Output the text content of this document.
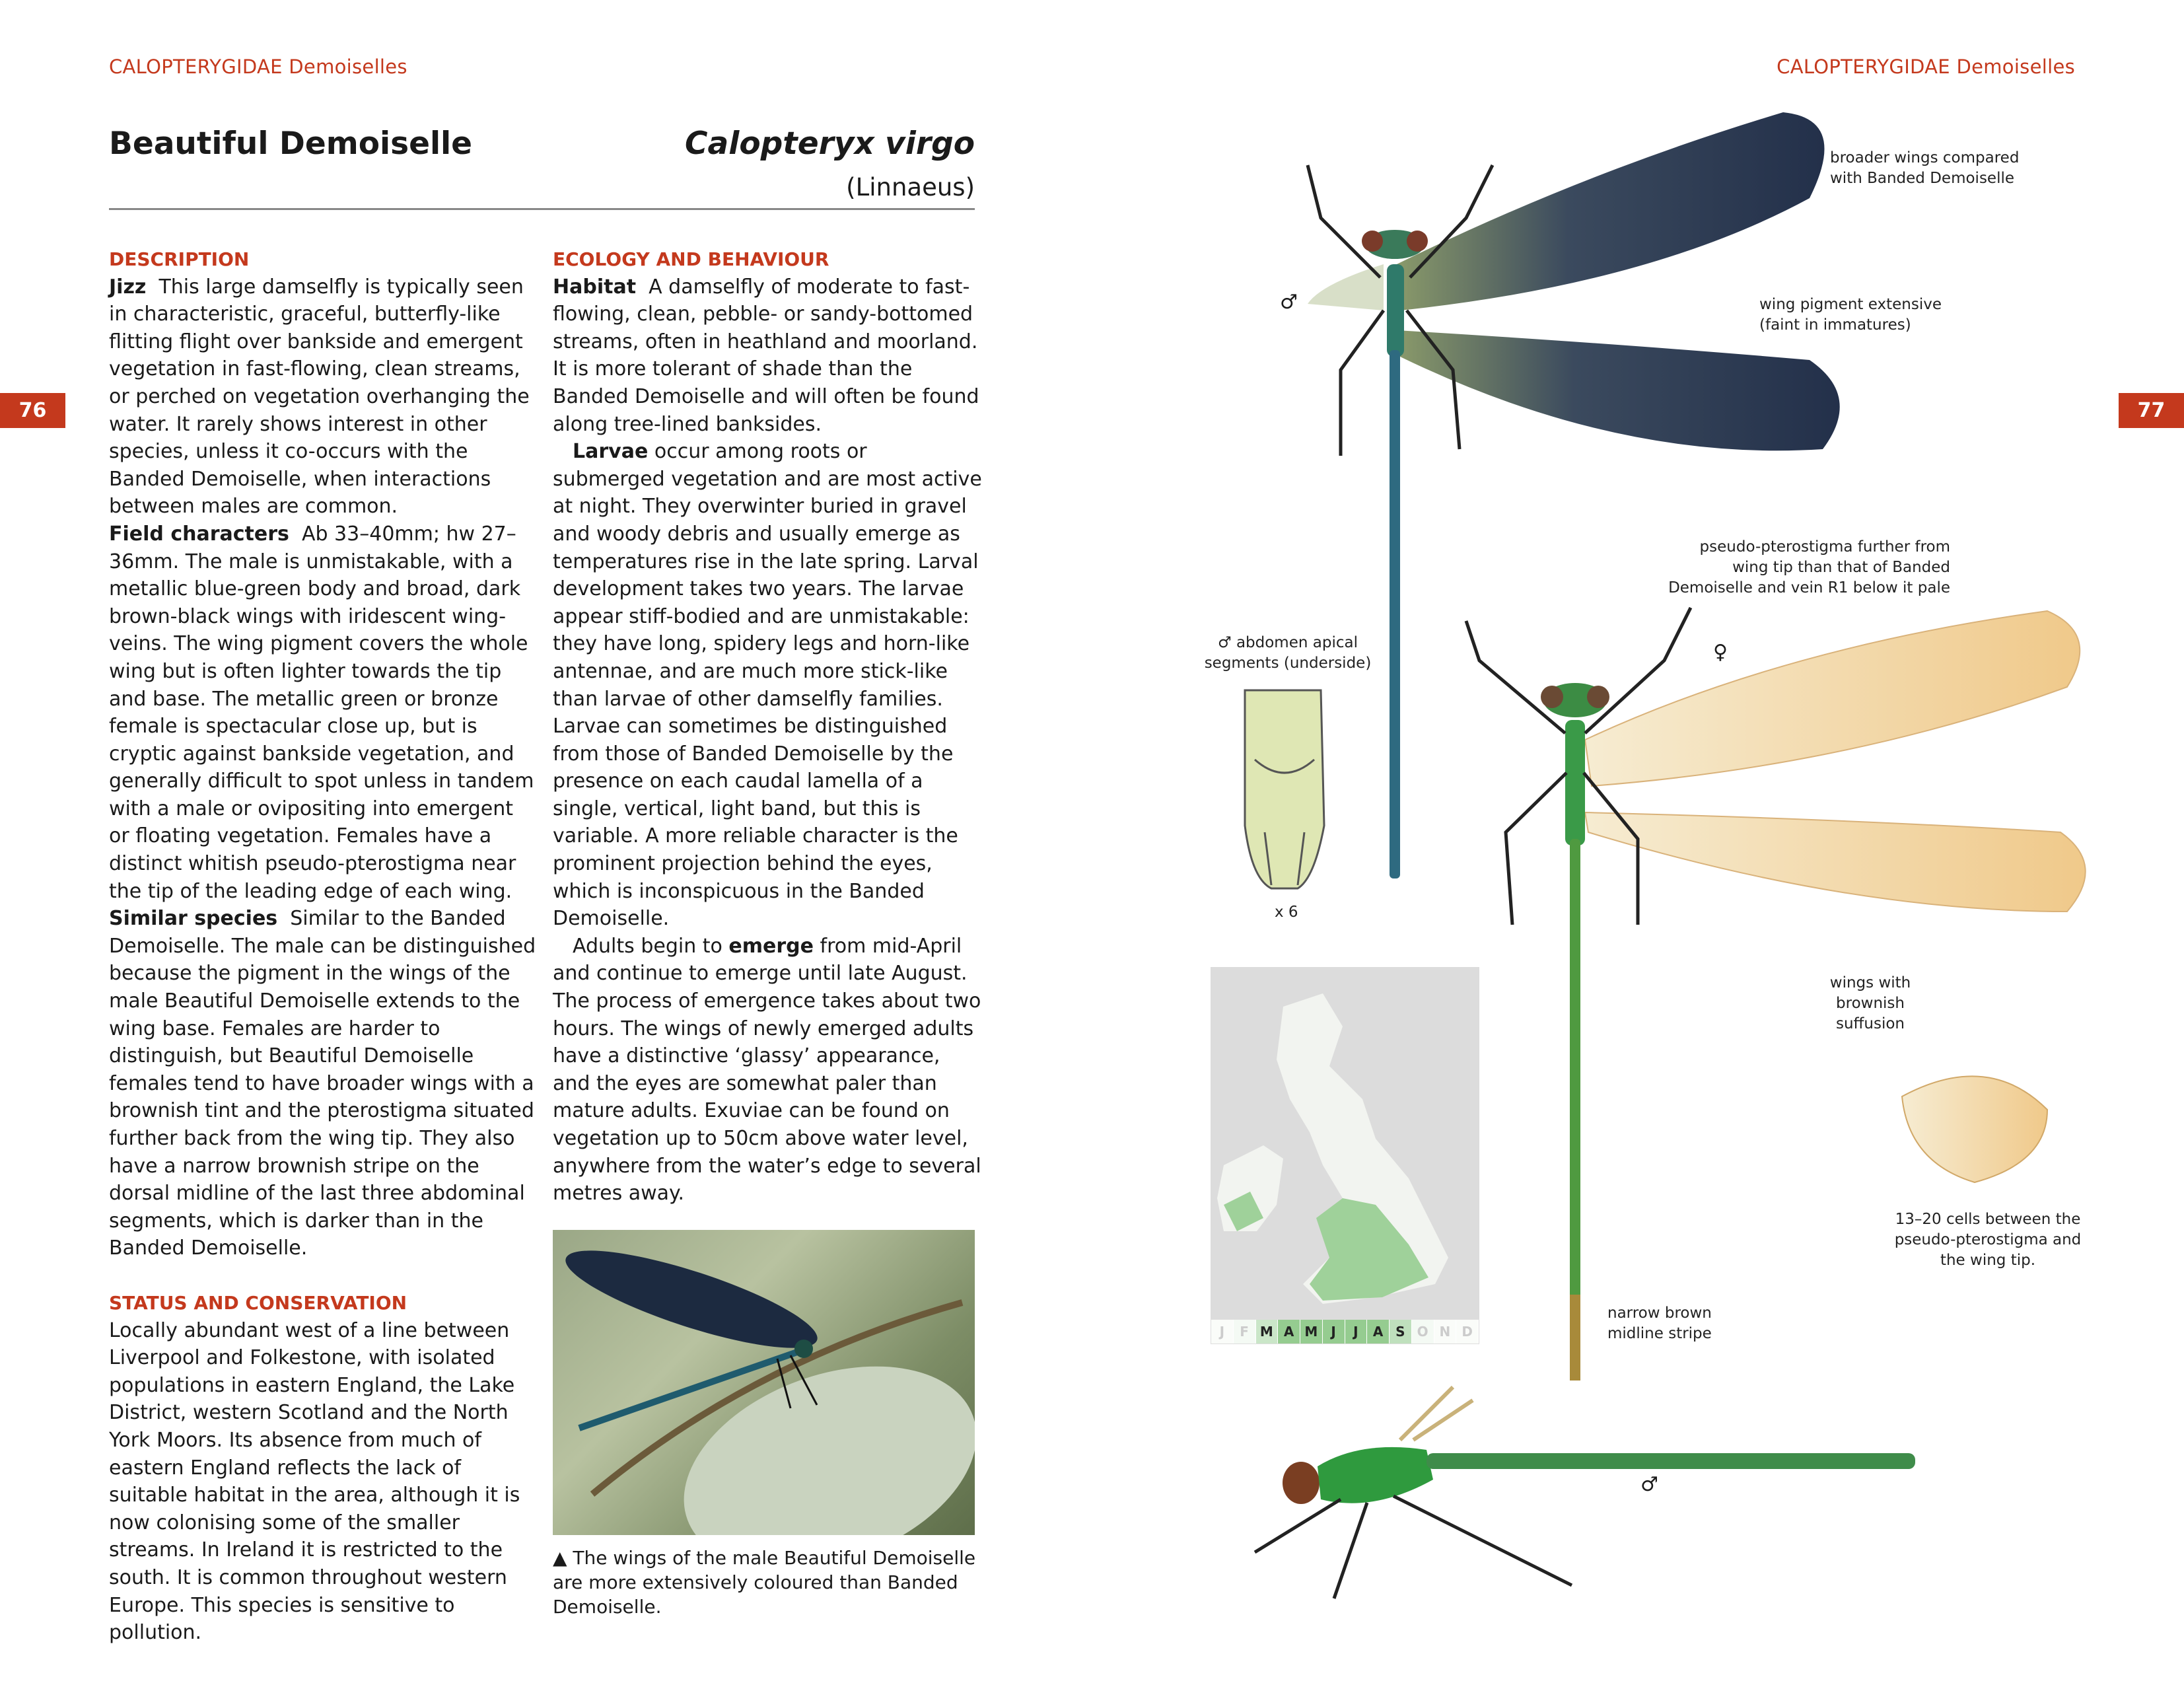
CALOPTERYGIDAE Demoiselles	CALOPTERYGIDAE Demoiselles
76	77
Beautiful Demoiselle	Calopteryx virgo
(Linnaeus)
DESCRIPTION

Jizz This large damselfly is typically seen in characteristic, graceful, butterfly-like flitting flight over bankside and emergent vegetation in fast-flowing, clean streams, or perched on vegetation overhanging the water. It rarely shows interest in other species, unless it co-occurs with the Banded Demoiselle, when interactions between males are common.

Field characters Ab 33–40mm; hw 27–36mm. The male is unmistakable, with a metallic blue-green body and broad, dark brown-black wings with iridescent wing-veins. The wing pigment covers the whole wing but is often lighter towards the tip and base. The metallic green or bronze female is spectacular close up, but is cryptic against bankside vegetation, and generally difficult to spot unless in tandem with a male or ovipositing into emergent or floating vegetation. Females have a distinct whitish pseudo-pterostigma near the tip of the leading edge of each wing.

Similar species Similar to the Banded Demoiselle. The male can be distinguished because the pigment in the wings of the male Beautiful Demoiselle extends to the wing base. Females are harder to distinguish, but Beautiful Demoiselle females tend to have broader wings with a brownish tint and the pterostigma situated further back from the wing tip. They also have a narrow brownish stripe on the dorsal midline of the last three abdominal segments, which is darker than in the Banded Demoiselle.

STATUS AND CONSERVATION

Locally abundant west of a line between Liverpool and Folkestone, with isolated populations in eastern England, the Lake District, western Scotland and the North York Moors. Its absence from much of eastern England reflects the lack of suitable habitat in the area, although it is now colonising some of the smaller streams. In Ireland it is restricted to the south. It is common throughout western Europe. This species is sensitive to pollution.

ECOLOGY AND BEHAVIOUR

Habitat A damselfly of moderate to fast-flowing, clean, pebble- or sandy-bottomed streams, often in heathland and moorland. It is more tolerant of shade than the Banded Demoiselle and will often be found along tree-lined banksides.

Larvae occur among roots or submerged vegetation and are most active at night. They overwinter buried in gravel and woody debris and usually emerge as temperatures rise in the late spring. Larval development takes two years. The larvae appear stiff-bodied and are unmistakable: they have long, spidery legs and horn-like antennae, and are much more stick-like than larvae of other damselfly families. Larvae can sometimes be distinguished from those of Banded Demoiselle by the presence on each caudal lamella of a single, vertical, light band, but this is variable. A more reliable character is the prominent projection behind the eyes, which is inconspicuous in the Banded Demoiselle.

Adults begin to emerge from mid-April and continue to emerge until late August. The process of emergence takes about two hours. The wings of newly emerged adults have a distinctive ‘glassy’ appearance, and the eyes are somewhat paler than mature adults. Exuviae can be found on vegetation up to 50cm above water level, anywhere from the water’s edge to several metres away.

▲ The wings of the male Beautiful Demoiselle are more extensively coloured than Banded Demoiselle.
broader wings compared
with Banded Demoiselle
♂	wing pigment extensive
(faint in immatures)
pseudo-pterostigma further from
wing tip than that of Banded
Demoiselle and vein R1 below it pale
♂ abdomen apical
segments (underside)	♀
x 6
wings with
brownish
suffusion
13–20 cells between the
pseudo-pterostigma and
the wing tip.
narrow brown
midline stripe
♂
J	F M A M	J	J	A S O N D
